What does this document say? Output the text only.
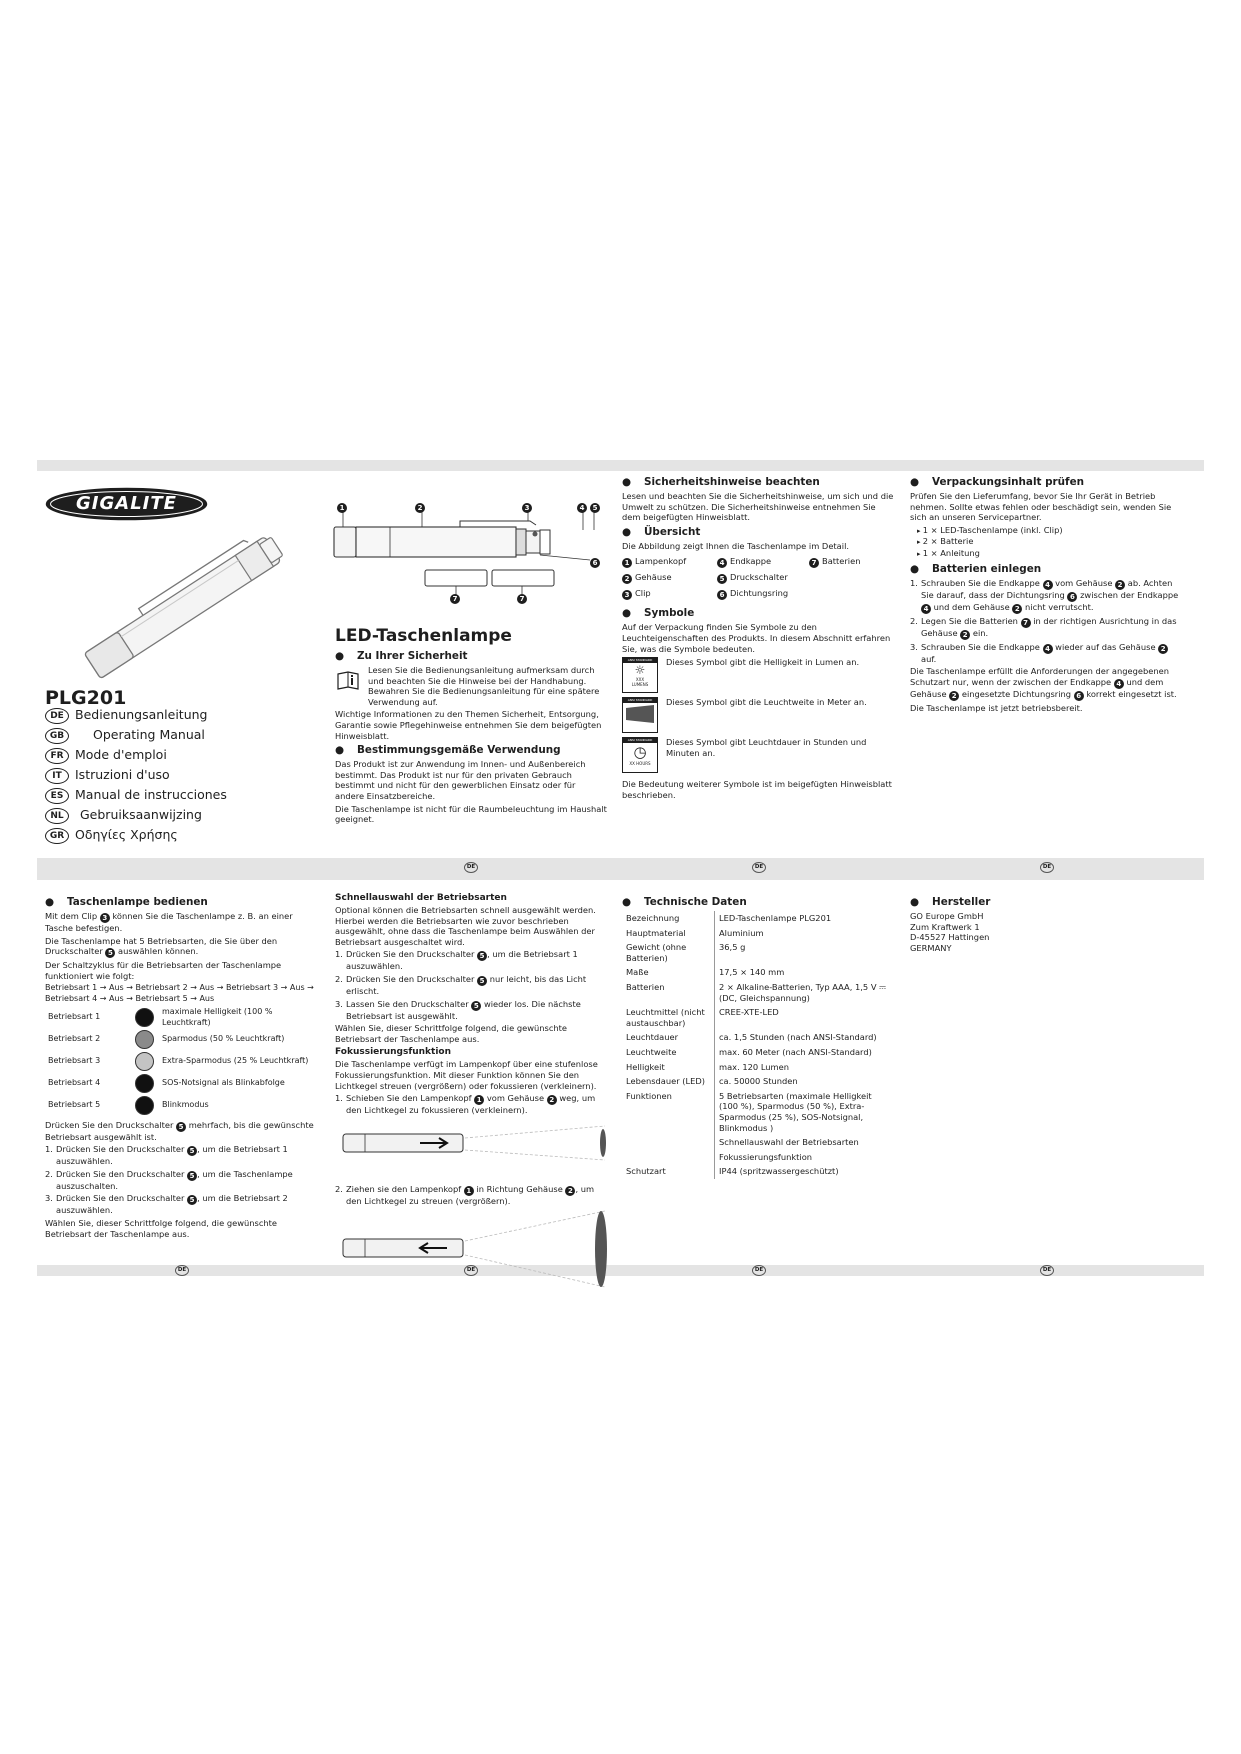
DE	DE	DE
DE	DE	DE	DE
GIGALITE
PLG201
DE Bedienungsanleitung
GB Operating Manual
FR Mode d'emploi
IT Istruzioni d'uso
ES Manual de instrucciones
NL Gebruiksaanwijzing
GR Οδηγίες Χρήσης
1
2
3
4
5
6
7
7
LED-Taschenlampe
● Zu Ihrer Sicherheit

Lesen Sie die Bedienungsanleitung aufmerksam durch und beachten Sie die Hinweise bei der Handhabung. Bewahren Sie die Bedienungsanleitung für eine spätere Verwendung auf.

Wichtige Informationen zu den Themen Sicherheit, Entsorgung, Garantie sowie Pflegehinweise entnehmen Sie dem beigefügten Hinweisblatt.

● Bestimmungsgemäße Verwendung

Das Produkt ist zur Anwendung im Innen- und Außenbereich bestimmt. Das Produkt ist nur für den privaten Gebrauch bestimmt und nicht für den gewerblichen Einsatz oder für andere Einsatzbereiche.

Die Taschenlampe ist nicht für die Raumbeleuchtung im Haushalt geeignet.

● Sicherheitshinweise beachten

Lesen und beachten Sie die Sicherheitshinweise, um sich und die Umwelt zu schützen. Die Sicherheitshinweise entnehmen Sie dem beigefügten Hinweisblatt.

● Übersicht

Die Abbildung zeigt Ihnen die Taschenlampe im Detail.

1Lampenkopf 4	Endkappe 7	Batterien
2Gehäuse 5	Druckschalter
3Clip 6	Dichtungsring
● Symbole

Auf der Verpackung finden Sie Symbole zu den Leuchteigenschaften des Produkts. In diesem Abschnitt erfahren Sie, was die Symbole bedeuten.

ANSI STANDARD
☼
XXX
LUMENS
Dieses Symbol gibt die Helligkeit in Lumen an.
ANSI STANDARD
XXX
Dieses Symbol gibt die Leuchtweite in Meter an.
ANSI STANDARD
◷
XX HOURS
Dieses Symbol gibt Leuchtdauer in Stunden und Minuten an.

Die Bedeutung weiterer Symbole ist im beigefügten Hinweisblatt beschrieben.

● Verpackungsinhalt prüfen

Prüfen Sie den Lieferumfang, bevor Sie Ihr Gerät in Betrieb nehmen. Sollte etwas fehlen oder beschädigt sein, wenden Sie sich an unseren Servicepartner.

▸ 1 × LED-Taschenlampe (inkl. Clip)
▸ 2 × Batterie
▸ 1 × Anleitung
● Batterien einlegen
1. Schrauben Sie die Endkappe 4 vom Gehäuse 2 ab. Achten Sie darauf, dass der Dichtungsring 6 zwischen der Endkappe 4 und dem Gehäuse 2 nicht verrutscht.
2. Legen Sie die Batterien 7 in der richtigen Ausrichtung in das Gehäuse 2 ein.
3. Schrauben Sie die Endkappe 4 wieder auf das Gehäuse 2 auf.

Die Taschenlampe erfüllt die Anforderungen der angegebenen Schutzart nur, wenn der zwischen der Endkappe 4 und dem Gehäuse 2 eingesetzte Dichtungsring 6 korrekt eingesetzt ist.

Die Taschenlampe ist jetzt betriebsbereit.

● Taschenlampe bedienen

Mit dem Clip 3 können Sie die Taschenlampe z. B. an einer Tasche befestigen.

Die Taschenlampe hat 5 Betriebsarten, die Sie über den Druckschalter 5 auswählen können.

Der Schaltzyklus für die Betriebsarten der Taschenlampe funktioniert wie folgt:

Betriebsart 1 → Aus → Betriebsart 2 → Aus → Betriebsart 3 → Aus → Betriebsart 4 → Aus → Betriebsart 5 → Aus

Betriebsart 1		maximale Helligkeit (100 % Leuchtkraft)
Betriebsart 2		Sparmodus (50 % Leuchtkraft)
Betriebsart 3		Extra-Sparmodus (25 % Leuchtkraft)
Betriebsart 4		SOS-Notsignal als Blinkabfolge
Betriebsart 5		Blinkmodus

Drücken Sie den Druckschalter 5 mehrfach, bis die gewünschte Betriebsart ausgewählt ist.

1. Drücken Sie den Druckschalter 5 , um die Betriebsart 1 auszuwählen.
2. Drücken Sie den Druckschalter 5 , um die Taschenlampe auszuschalten.
3. Drücken Sie den Druckschalter 5 , um die Betriebsart 2 auszuwählen.

Wählen Sie, dieser Schrittfolge folgend, die gewünschte Betriebsart der Taschenlampe aus.

Schnellauswahl der Betriebsarten

Optional können die Betriebsarten schnell ausgewählt werden. Hierbei werden die Betriebsarten wie zuvor beschrieben ausgewählt, ohne dass die Taschenlampe beim Auswählen der Betriebsart ausgeschaltet wird.

1. Drücken Sie den Druckschalter 5 , um die Betriebsart 1 auszuwählen.
2. Drücken Sie den Druckschalter 5 nur leicht, bis das Licht erlischt.
3. Lassen Sie den Druckschalter 5 wieder los. Die nächste Betriebsart ist ausgewählt.

Wählen Sie, dieser Schrittfolge folgend, die gewünschte Betriebsart der Taschenlampe aus.

Fokussierungsfunktion

Die Taschenlampe verfügt im Lampenkopf über eine stufenlose Fokussierungsfunktion. Mit dieser Funktion können Sie den Lichtkegel streuen (vergrößern) oder fokussieren (verkleinern).

1. Schieben Sie den Lampenkopf 1 vom Gehäuse 2 weg, um den Lichtkegel zu fokussieren (verkleinern).
2. Ziehen sie den Lampenkopf 1 in Richtung Gehäuse 2 , um den Lichtkegel zu streuen (vergrößern).
● Technische Daten
Bezeichnung	LED-Taschenlampe PLG201
Hauptmaterial	Aluminium
Gewicht (ohne Batterien)	36,5 g
Maße	17,5 × 140 mm
Batterien	2 × Alkaline-Batterien, Typ AAA, 1,5 V ⎓ (DC, Gleichspannung)
Leuchtmittel (nicht austauschbar)	CREE-XTE-LED
Leuchtdauer	ca. 1,5 Stunden (nach ANSI-Standard)
Leuchtweite	max. 60 Meter (nach ANSI-Standard)
Helligkeit	max. 120 Lumen
Lebensdauer (LED)	ca. 50000 Stunden
Funktionen	5 Betriebsarten (maximale Helligkeit (100 %), Sparmodus (50 %), Extra-Sparmodus (25 %), SOS-Notsignal, Blinkmodus )
	Schnellauswahl der Betriebsarten
	Fokussierungsfunktion
Schutzart	IP44 (spritzwassergeschützt)
● Hersteller
GO Europe GmbH
Zum Kraftwerk 1
D-45527 Hattingen
GERMANY
